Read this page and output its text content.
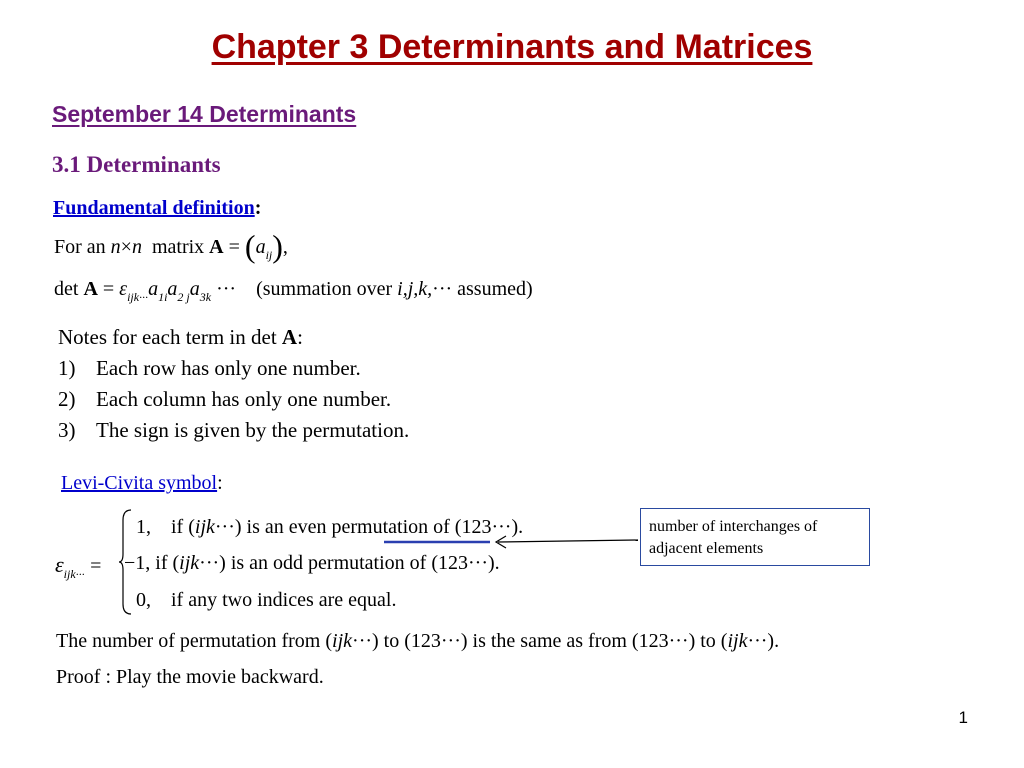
Chapter 3 Determinants and Matrices
September 14 Determinants
3.1 Determinants
Fundamental definition:
For an n×n matrix $A = (a_{ij})$,
$\det A = \varepsilon_{ijk\cdot\cdot\cdot}a_{1i}a_{2 j}a_{3k}$ ··· (summation over i,j,k,··· assumed)
Notes for each term in det A:
1) Each row has only one number.
2) Each column has only one number.
3) The sign is given by the permutation.
Levi-Civita symbol:
$\varepsilon_{ijk\cdot\cdot\cdot}$ =
1, if (ijk···) is an even permutation of (123···).
−1, if (ijk···) is an odd permutation of (123···).
0, if any two indices are equal.
number of interchanges of adjacent elements
The number of permutation from (ijk···) to (123···) is the same as from (123···) to (ijk···).
Proof : Play the movie backward.
1
